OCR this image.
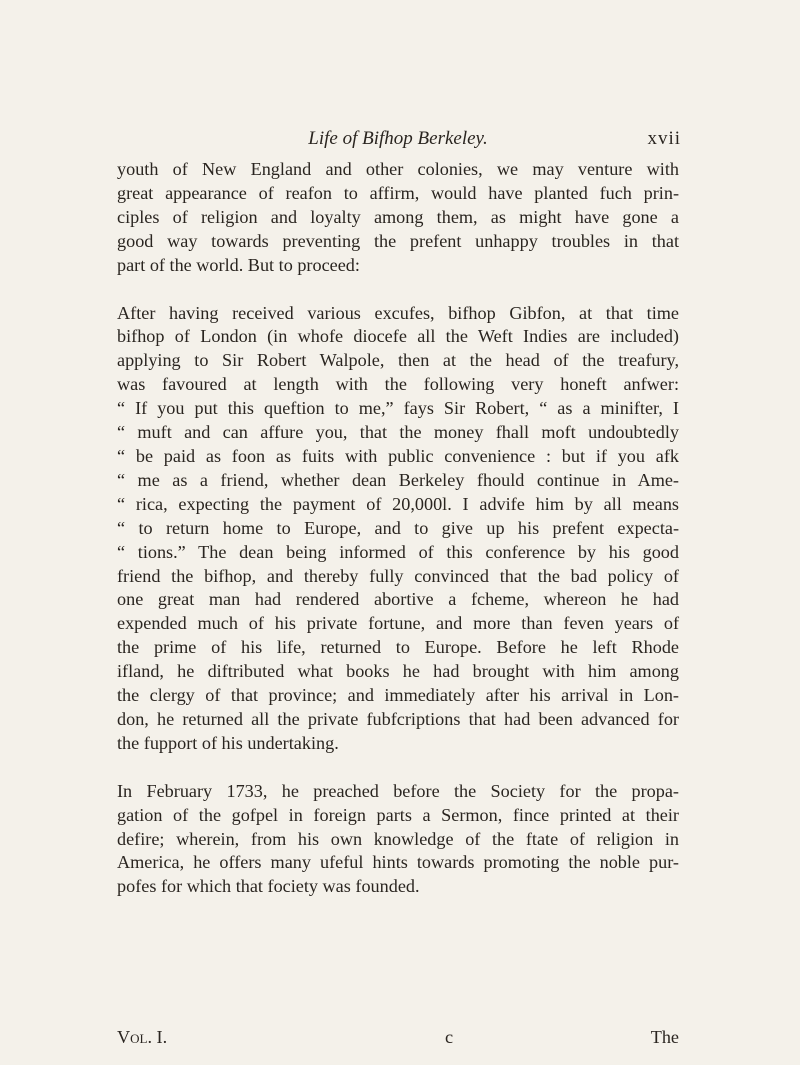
Life of Bifhop Berkeley.	xvii

youth of New England and other colonies, we may venture with
great appearance of reafon to affirm, would have planted fuch prin-
ciples of religion and loyalty among them, as might have gone a
good way towards preventing the prefent unhappy troubles in that
part of the world. But to proceed:

After having received various excufes, bifhop Gibfon, at that time
bifhop of London (in whofe diocefe all the Weft Indies are included)
applying to Sir Robert Walpole, then at the head of the treafury,
was favoured at length with the following very honeft anfwer:
“ If you put this queftion to me,” fays Sir Robert, “ as a minifter, I
“ muft and can affure you, that the money fhall moft undoubtedly
“ be paid as foon as fuits with public convenience : but if you afk
“ me as a friend, whether dean Berkeley fhould continue in Ame-
“ rica, expecting the payment of 20,000l. I advife him by all means
“ to return home to Europe, and to give up his prefent expecta-
“ tions.” The dean being informed of this conference by his good
friend the bifhop, and thereby fully convinced that the bad policy of
one great man had rendered abortive a fcheme, whereon he had
expended much of his private fortune, and more than feven years of
the prime of his life, returned to Europe. Before he left Rhode
ifland, he diftributed what books he had brought with him among
the clergy of that province; and immediately after his arrival in Lon-
don, he returned all the private fubfcriptions that had been advanced for
the fupport of his undertaking.

In February 1733, he preached before the Society for the propa-
gation of the gofpel in foreign parts a Sermon, fince printed at their
defire; wherein, from his own knowledge of the ftate of religion in
America, he offers many ufeful hints towards promoting the noble pur-
pofes for which that fociety was founded.

Vol. I.	c	The
